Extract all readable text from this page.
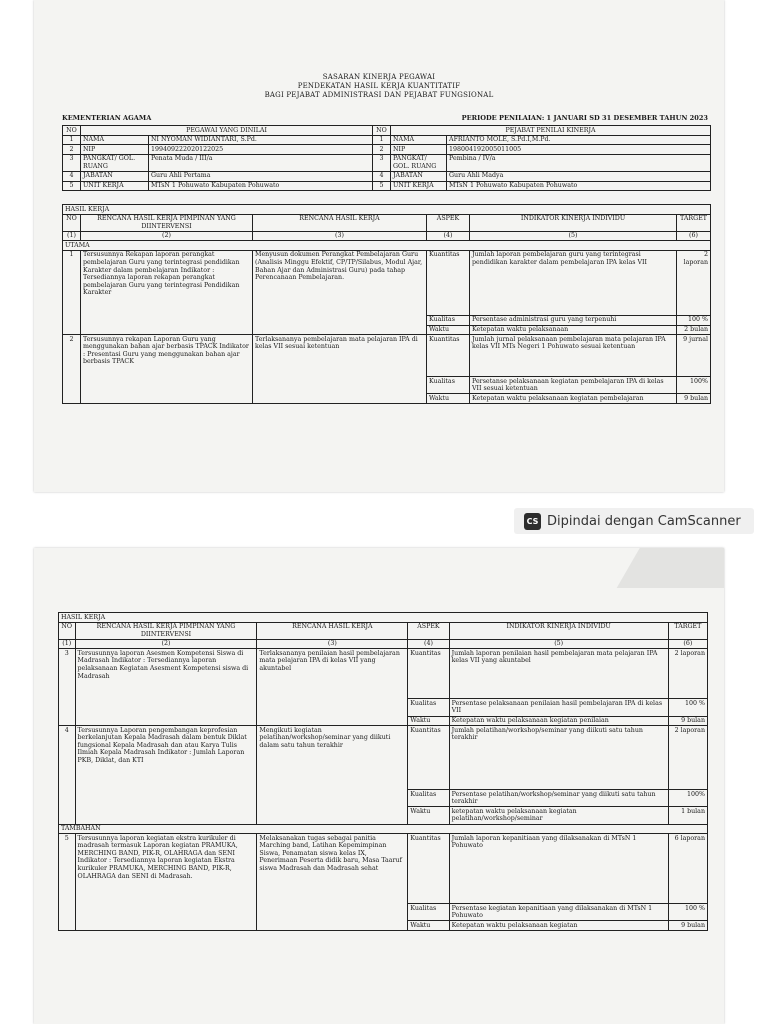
SASARAN KINERJA PEGAWAI
PENDEKATAN HASIL KERJA KUANTITATIF
BAGI PEJABAT ADMINISTRASI DAN PEJABAT FUNGSIONAL
KEMENTERIAN AGAMA	PERIODE PENILAIAN: 1 JANUARI SD 31 DESEMBER TAHUN 2023
NO	PEGAWAI YANG DINILAI		NO	PEJABAT PENILAI KINERJA	
1	NAMA	NI NYOMAN WIDIANTARI, S.Pd.	1	NAMA	AFRIANTO MOLE, S.Pd.I,M.Pd.
2	NIP	199409222020122025	2	NIP	198004192005011005
3	PANGKAT/ GOL. RUANG	Penata Muda / III/a	3	PANGKAT/ GOL. RUANG	Pembina / IV/a
4	JABATAN	Guru Ahli Pertama	4	JABATAN	Guru Ahli Madya
5	UNIT KERJA	MTsN 1 Pohuwato Kabupaten Pohuwato	5	UNIT KERJA	MTsN 1 Pohuwato Kabupaten Pohuwato
HASIL KERJA					
NO	RENCANA HASIL KERJA PIMPINAN YANG DIINTERVENSI	RENCANA HASIL KERJA	ASPEK	INDIKATOR KINERJA INDIVIDU	TARGET
(1)	(2)	(3)	(4)	(5)	(6)
UTAMA					
1	Tersusunnya Rekapan laporan perangkat pembelajaran Guru yang terintegrasi pendidikan Karakter dalam pembelajaran Indikator : Tersediannya laporan rekapan perangkat pembelajaran Guru yang terintegrasi Pendidikan Karakter	Menyusun dokumen Perangkat Pembelajaran Guru (Analisis Minggu Efektif, CP/TP/Silabus, Modul Ajar, Bahan Ajar dan Administrasi Guru) pada tahap Perencanaan Pembelajaran.	Kuantitas	Jumlah laporan pembelajaran guru yang terintegrasi pendidikan karakter dalam pembelajaran IPA kelas VII	2 laporan
			Kualitas	Persentase administrasi guru yang terpenuhi	100 %
			Waktu	Ketepatan waktu pelaksanaan	2 bulan
2	Tersusunnya rekapan Laporan Guru yang menggunakan bahan ajar berbasis TPACK Indikator : Presentasi Guru yang menggunakan bahan ajar berbasis TPACK	Terlaksananya pembelajaran mata pelajaran IPA di kelas VII sesuai ketentuan	Kuantitas	Jumlah jurnal pelaksanaan pembelajaran mata pelajaran IPA kelas VII MTs Negeri 1 Pohuwato sesuai ketentuan	9 jurnal
			Kualitas	Persetanse pelaksanaan kegiatan pembelajaran IPA di kelas VII sesuai ketentuan	100%
			Waktu	Ketepatan waktu pelaksanaan kegiatan pembelajaran	9 bulan
CS Dipindai dengan CamScanner
HASIL KERJA					
NO	RENCANA HASIL KERJA PIMPINAN YANG DIINTERVENSI	RENCANA HASIL KERJA	ASPEK	INDIKATOR KINERJA INDIVIDU	TARGET
(1)	(2)	(3)	(4)	(5)	(6)
3	Tersusunnya laporan Asesmen Kompetensi Siswa di Madrasah Indikator : Tersediannya laporan pelaksanaan Kegiatan Asesment Kompetensi siswa di Madrasah	Terlaksananya penilaian hasil pembelajaran mata pelajaran IPA di kelas VII yang akuntabel	Kuantitas	Jumlah laporan penilaian hasil pembelajaran mata pelajaran IPA kelas VII yang akuntabel	2 laporan
			Kualitas	Persentase pelaksanaan penilaian hasil pembelajaran IPA di kelas VII	100 %
			Waktu	Ketepatan waktu pelaksanaan kegiatan penilaian	9 bulan
4	Tersusunnya Laporan pengembangan keprofesian berkelanjutan Kepala Madrasah dalam bentuk Diklat fungsional Kepala Madrasah dan atau Karya Tulis Ilmiah Kepala Madrasah Indikator : Jumlah Laporan PKB, Diklat, dan KTI	Mengikuti kegiatan pelatihan/workshop/seminar yang diikuti dalam satu tahun terakhir	Kuantitas	Jumlah pelatihan/workshop/seminar yang diikuti satu tahun terakhir	2 laporan
			Kualitas	Persentase pelatihan/workshop/seminar yang diikuti satu tahun terakhir	100%
			Waktu	ketepatan waktu pelaksanaan kegiatan pelatihan/workshop/seminar	1 bulan
TAMBAHAN					
5	Tersusunnya laporan kegiatan ekstra kurikuler di madrasah termasuk Laporan kegiatan PRAMUKA, MERCHING BAND, PIK-R, OLAHRAGA dan SENI Indikator : Tersediannya laporan kegiatan Ekstra kurikuler PRAMUKA, MERCHING BAND, PIK-R, OLAHRAGA dan SENI di Madrasah.	Melaksanakan tugas sebagai panitia Marching band, Latihan Kepemimpinan Siswa, Penamatan siswa kelas IX, Penerimaan Peserta didik baru, Masa Taaruf siswa Madrasah dan Madrasah sehat	Kuantitas	Jumlah laporan kepanitiaan yang dilaksanakan di MTsN 1 Pohuwato	6 laporan
			Kualitas	Persentase kegiatan kepanitiaan yang dilaksanakan di MTsN 1 Pohuwato	100 %
			Waktu	Ketepatan waktu pelaksanaan kegiatan	9 bulan
